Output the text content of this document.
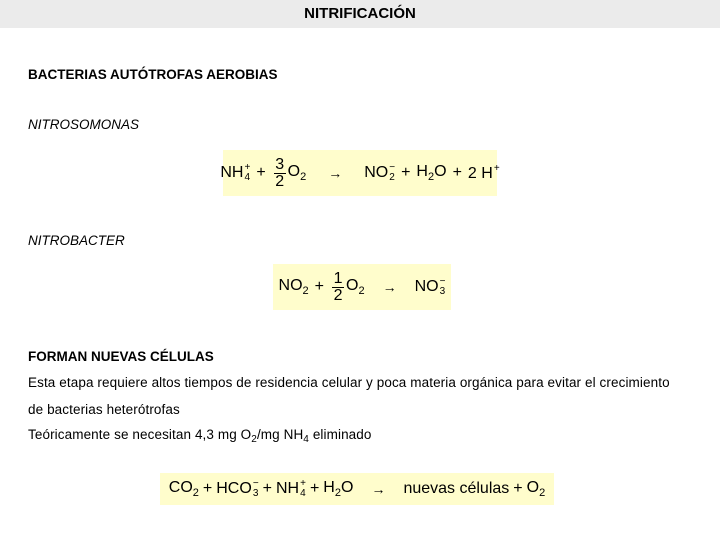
NITRIFICACIÓN
BACTERIAS AUTÓTROFAS AEROBIAS
NITROSOMONAS
NH +
$4 + \frac{3}{2} O_2$ → NO −
$2 + H_2O + 2$ H+
NITROBACTER
$NO_2 + \frac{1}{2} O_2$ → NO −
3
FORMAN NUEVAS CÉLULAS
Esta etapa requiere altos tiempos de residencia celular y poca materia orgánica para evitar el crecimiento
de bacterias heterótrofas
Teóricamente se necesitan 4,3 mg $O_2/mg$ $NH_4$ eliminado
$CO_2$ + HCO −
3 + NH +
$4 + H_2O$ → nuevas células + $O_2$
